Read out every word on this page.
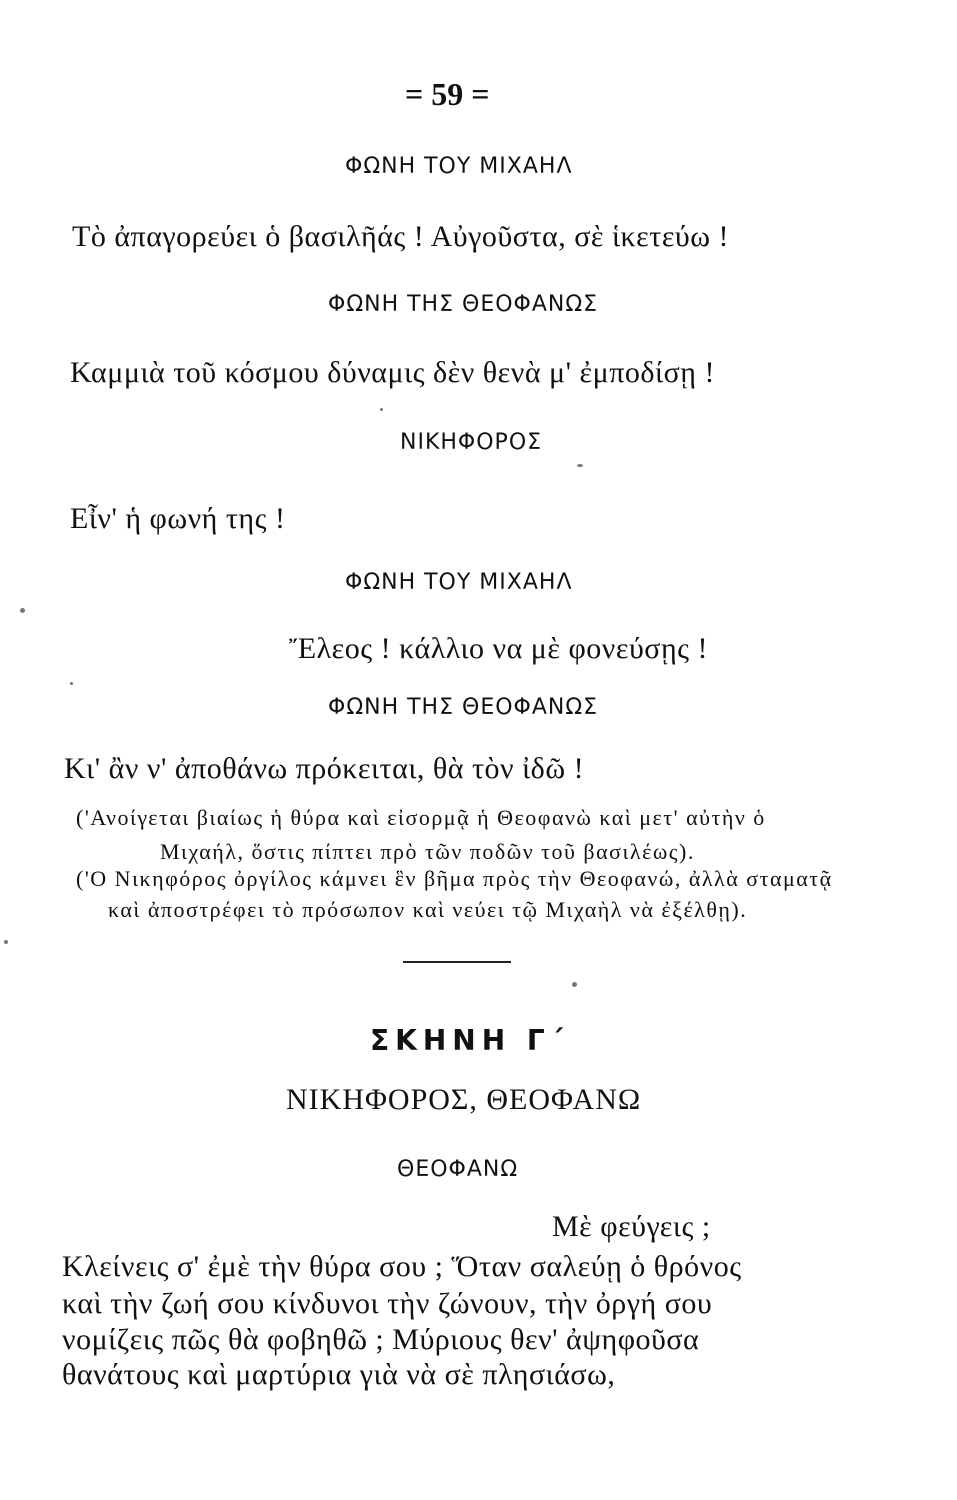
= 59 =
ΦΩΝΗ ΤΟΥ ΜΙΧΑΗΛ
Τὸ ἀπαγορεύει ὁ βασιλῆάς ! Αὐγοῦστα, σὲ ἱκετεύω !
ΦΩΝΗ ΤΗΣ ΘΕΟΦΑΝΩΣ
Καμμιὰ τοῦ κόσμου δύναμις δὲν θενὰ μ' ἐμποδίσῃ !
ΝΙΚΗΦΟΡΟΣ
Εἶν' ἡ φωνή της !
ΦΩΝΗ ΤΟΥ ΜΙΧΑΗΛ
Ἔλεος ! κάλλιο να μὲ φονεύσῃς !
ΦΩΝΗ ΤΗΣ ΘΕΟΦΑΝΩΣ
Κι' ἂν ν' ἀποθάνω πρόκειται, θὰ τὸν ἰδῶ !
('Ανοίγεται βιαίως ἡ θύρα καὶ εἰσορμᾷ ἡ Θεοφανὼ καὶ μετ' αὐτὴν ὁ
Μιχαήλ, ὅστις πίπτει πρὸ τῶν ποδῶν τοῦ βασιλέως).
('Ο Νικηφόρος ὀργίλος κάμνει ἓν βῆμα πρὸς τὴν Θεοφανώ, ἀλλὰ σταματᾷ
καὶ ἀποστρέφει τὸ πρόσωπον καὶ νεύει τῷ Μιχαὴλ νὰ ἐξέλθῃ).
ΣΚΗΝΗ Γ΄
ΝΙΚΗΦΟΡΟΣ, ΘΕΟΦΑΝΩ
ΘΕΟΦΑΝΩ
Μὲ φεύγεις ;
Κλείνεις σ' ἐμὲ τὴν θύρα σου ; Ὅταν σαλεύῃ ὁ θρόνος
καὶ τὴν ζωή σου κίνδυνοι τὴν ζώνουν, τὴν ὀργή σου
νομίζεις πῶς θὰ φοβηθῶ ; Μύριους θεν' ἀψηφοῦσα
θανάτους καὶ μαρτύρια γιὰ νὰ σὲ πλησιάσω,
